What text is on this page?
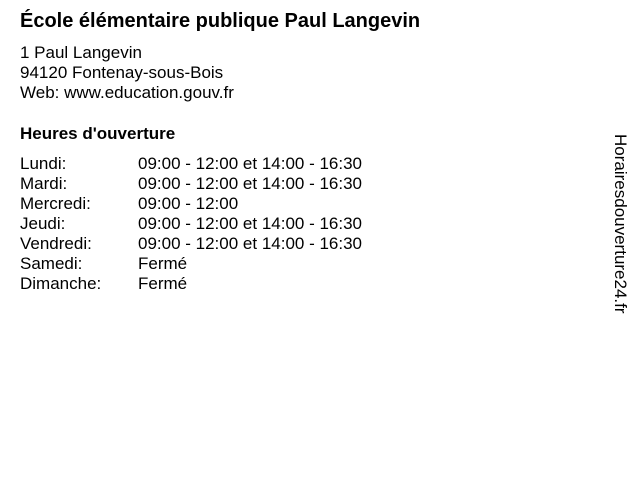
École élémentaire publique Paul Langevin
1 Paul Langevin
94120 Fontenay-sous-Bois
Web: www.education.gouv.fr
Heures d'ouverture
Lundi:	09:00 - 12:00 et 14:00 - 16:30
Mardi:	09:00 - 12:00 et 14:00 - 16:30
Mercredi:	09:00 - 12:00
Jeudi:	09:00 - 12:00 et 14:00 - 16:30
Vendredi:	09:00 - 12:00 et 14:00 - 16:30
Samedi:	Fermé
Dimanche:	Fermé	Horairesdouverture24.fr
